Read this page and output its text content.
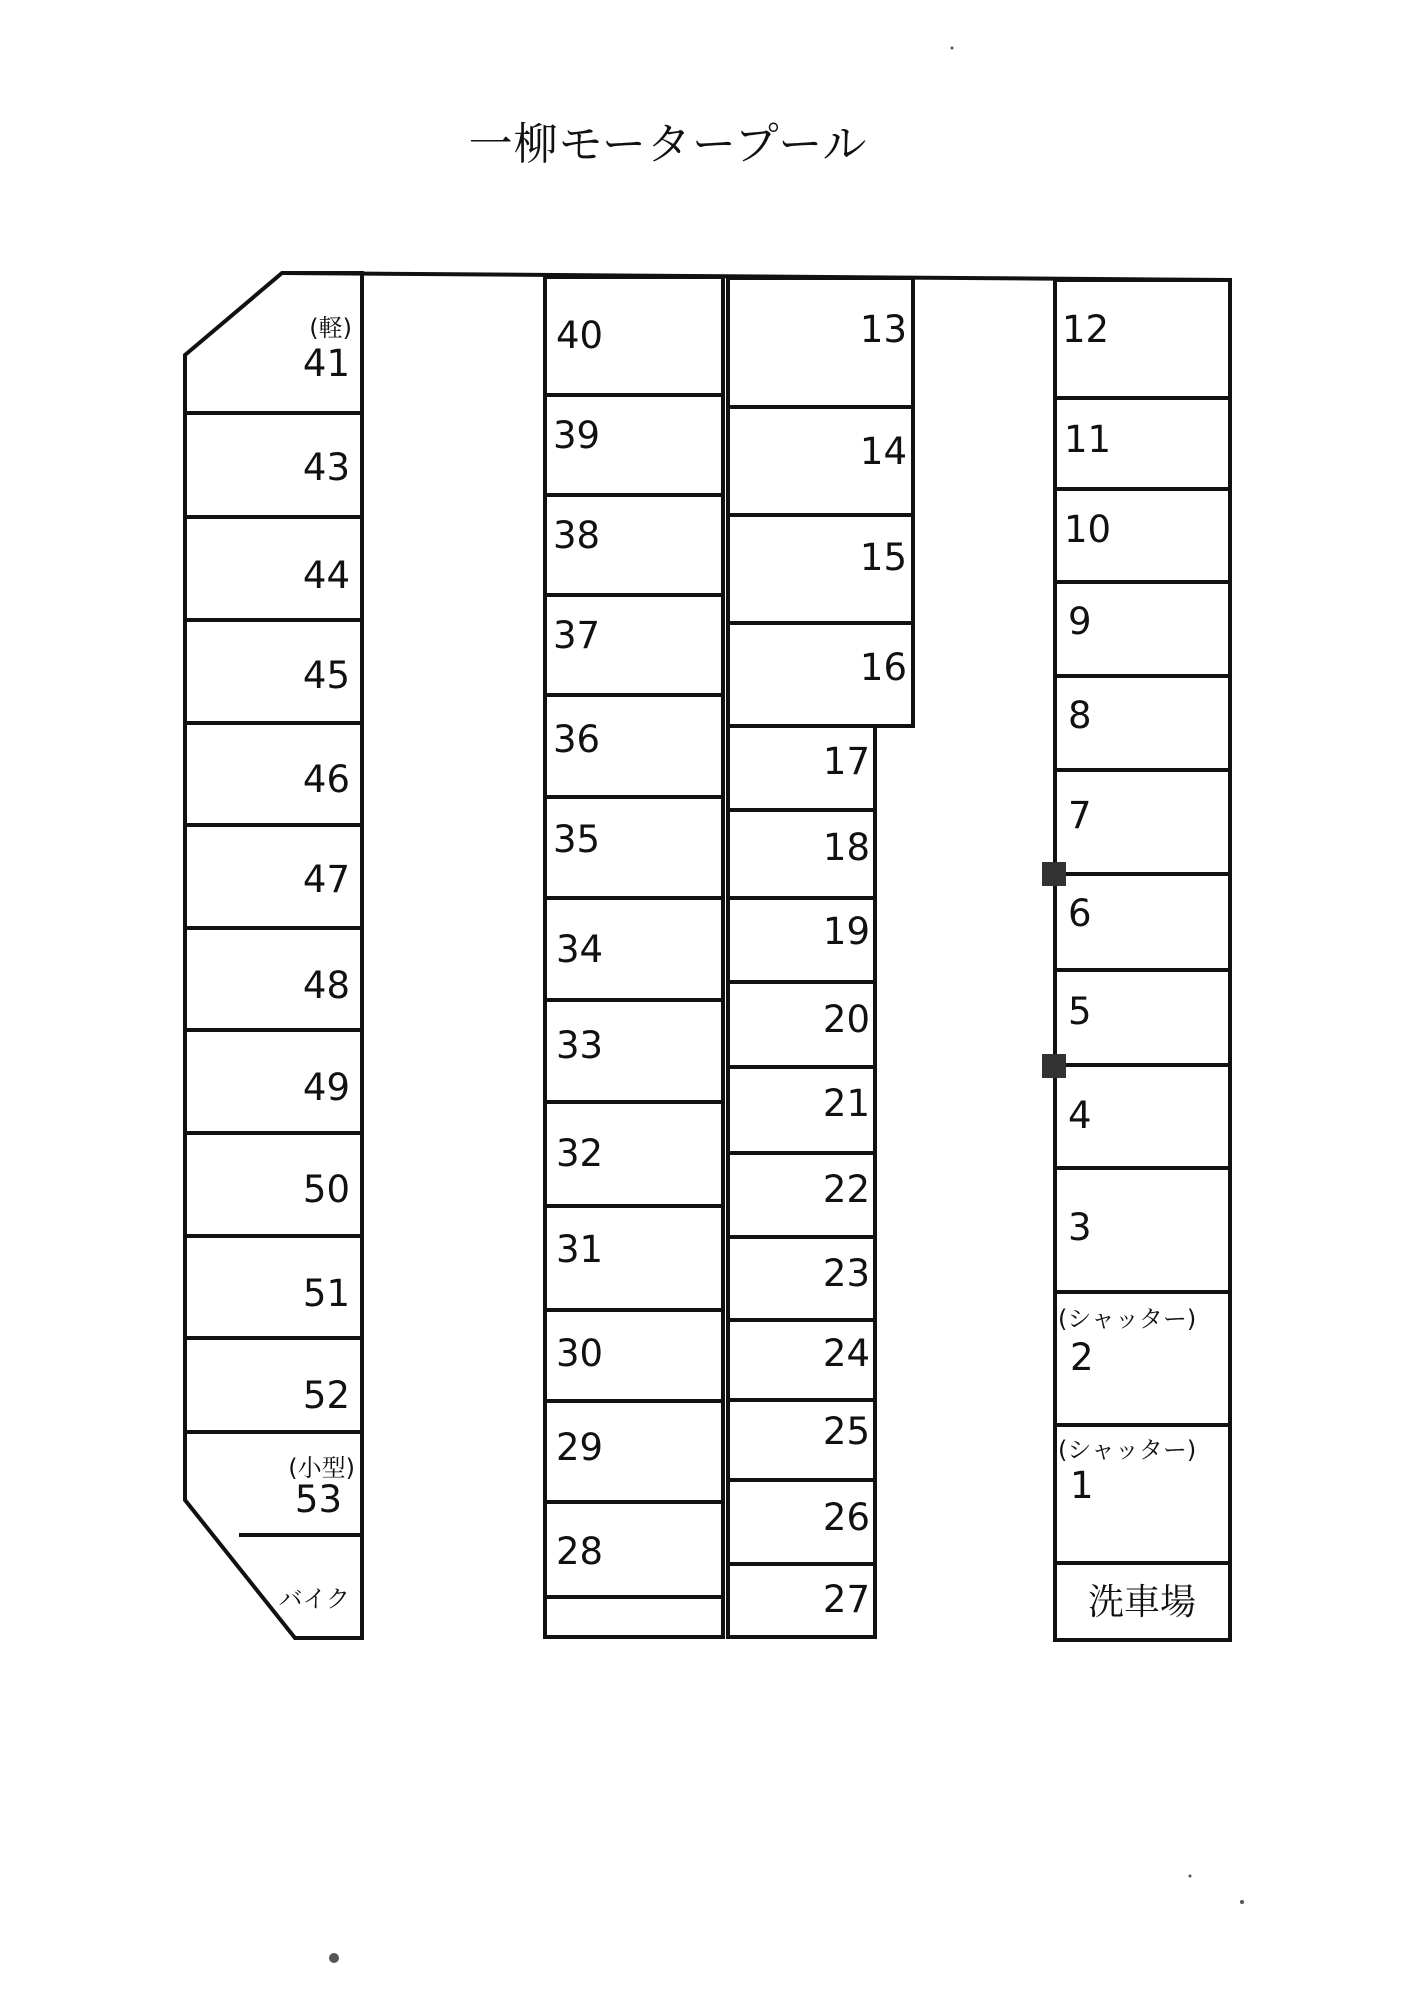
一柳モータープール
(軽)
41
43
44
45
46
47
48
49
50
51
52
(小型)
53
バイク
40
39
38
37
36
35
34
33
32
31
30
29
28
13
14
15
16
17
18
19
20
21
22
23
24
25
26
27
12
11
10
9
8
7
6
5
4
3
(シャッター)
2
(シャッター)
1
洗車場
